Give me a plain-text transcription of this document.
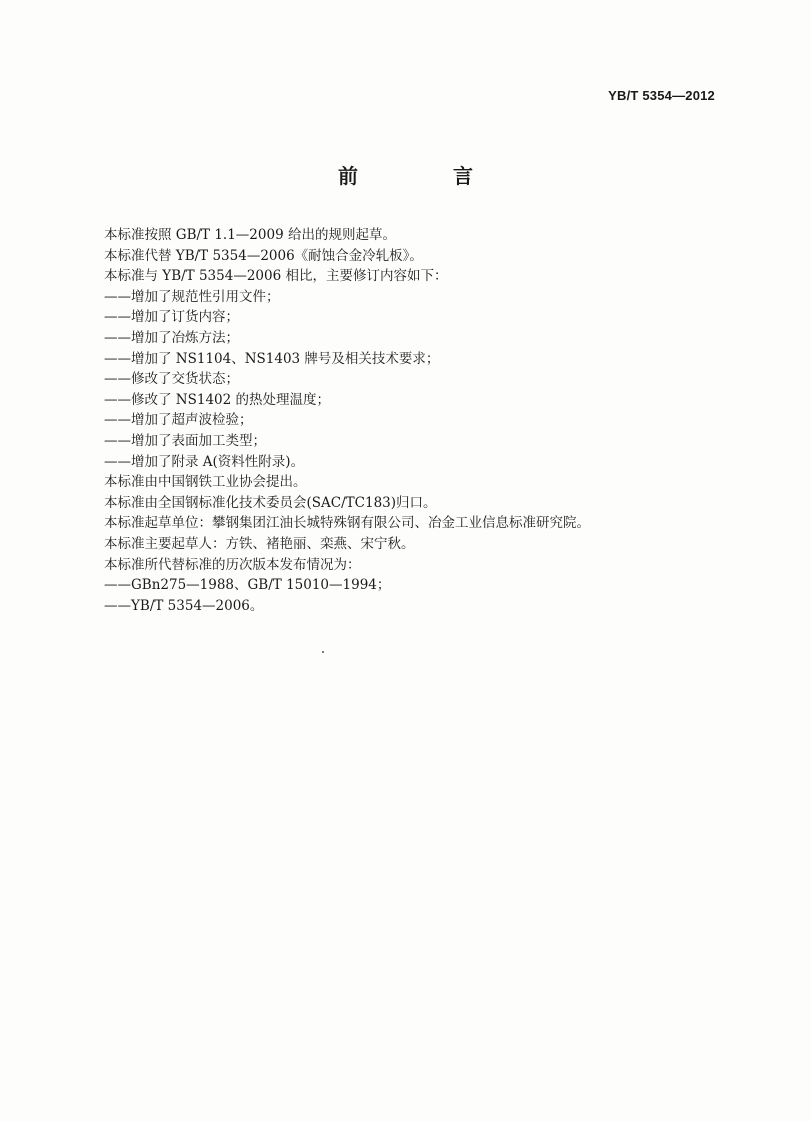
YB/T 5354—2012
前 言
本标准按照 GB/T 1.1—2009 给出的规则起草。
本标准代替 YB/T 5354—2006《耐蚀合金冷轧板》。
本标准与 YB/T 5354—2006 相比，主要修订内容如下：
——增加了规范性引用文件；
——增加了订货内容；
——增加了冶炼方法；
——增加了 NS1104、NS1403 牌号及相关技术要求；
——修改了交货状态；
——修改了 NS1402 的热处理温度；
——增加了超声波检验；
——增加了表面加工类型；
——增加了附录 A(资料性附录)。
本标准由中国钢铁工业协会提出。
本标准由全国钢标准化技术委员会(SAC/TC183)归口。
本标准起草单位：攀钢集团江油长城特殊钢有限公司、冶金工业信息标准研究院。
本标准主要起草人：方铁、褚艳丽、栾燕、宋宁秋。
本标准所代替标准的历次版本发布情况为：
——GBn275—1988、GB/T 15010—1994；
——YB/T 5354—2006。
